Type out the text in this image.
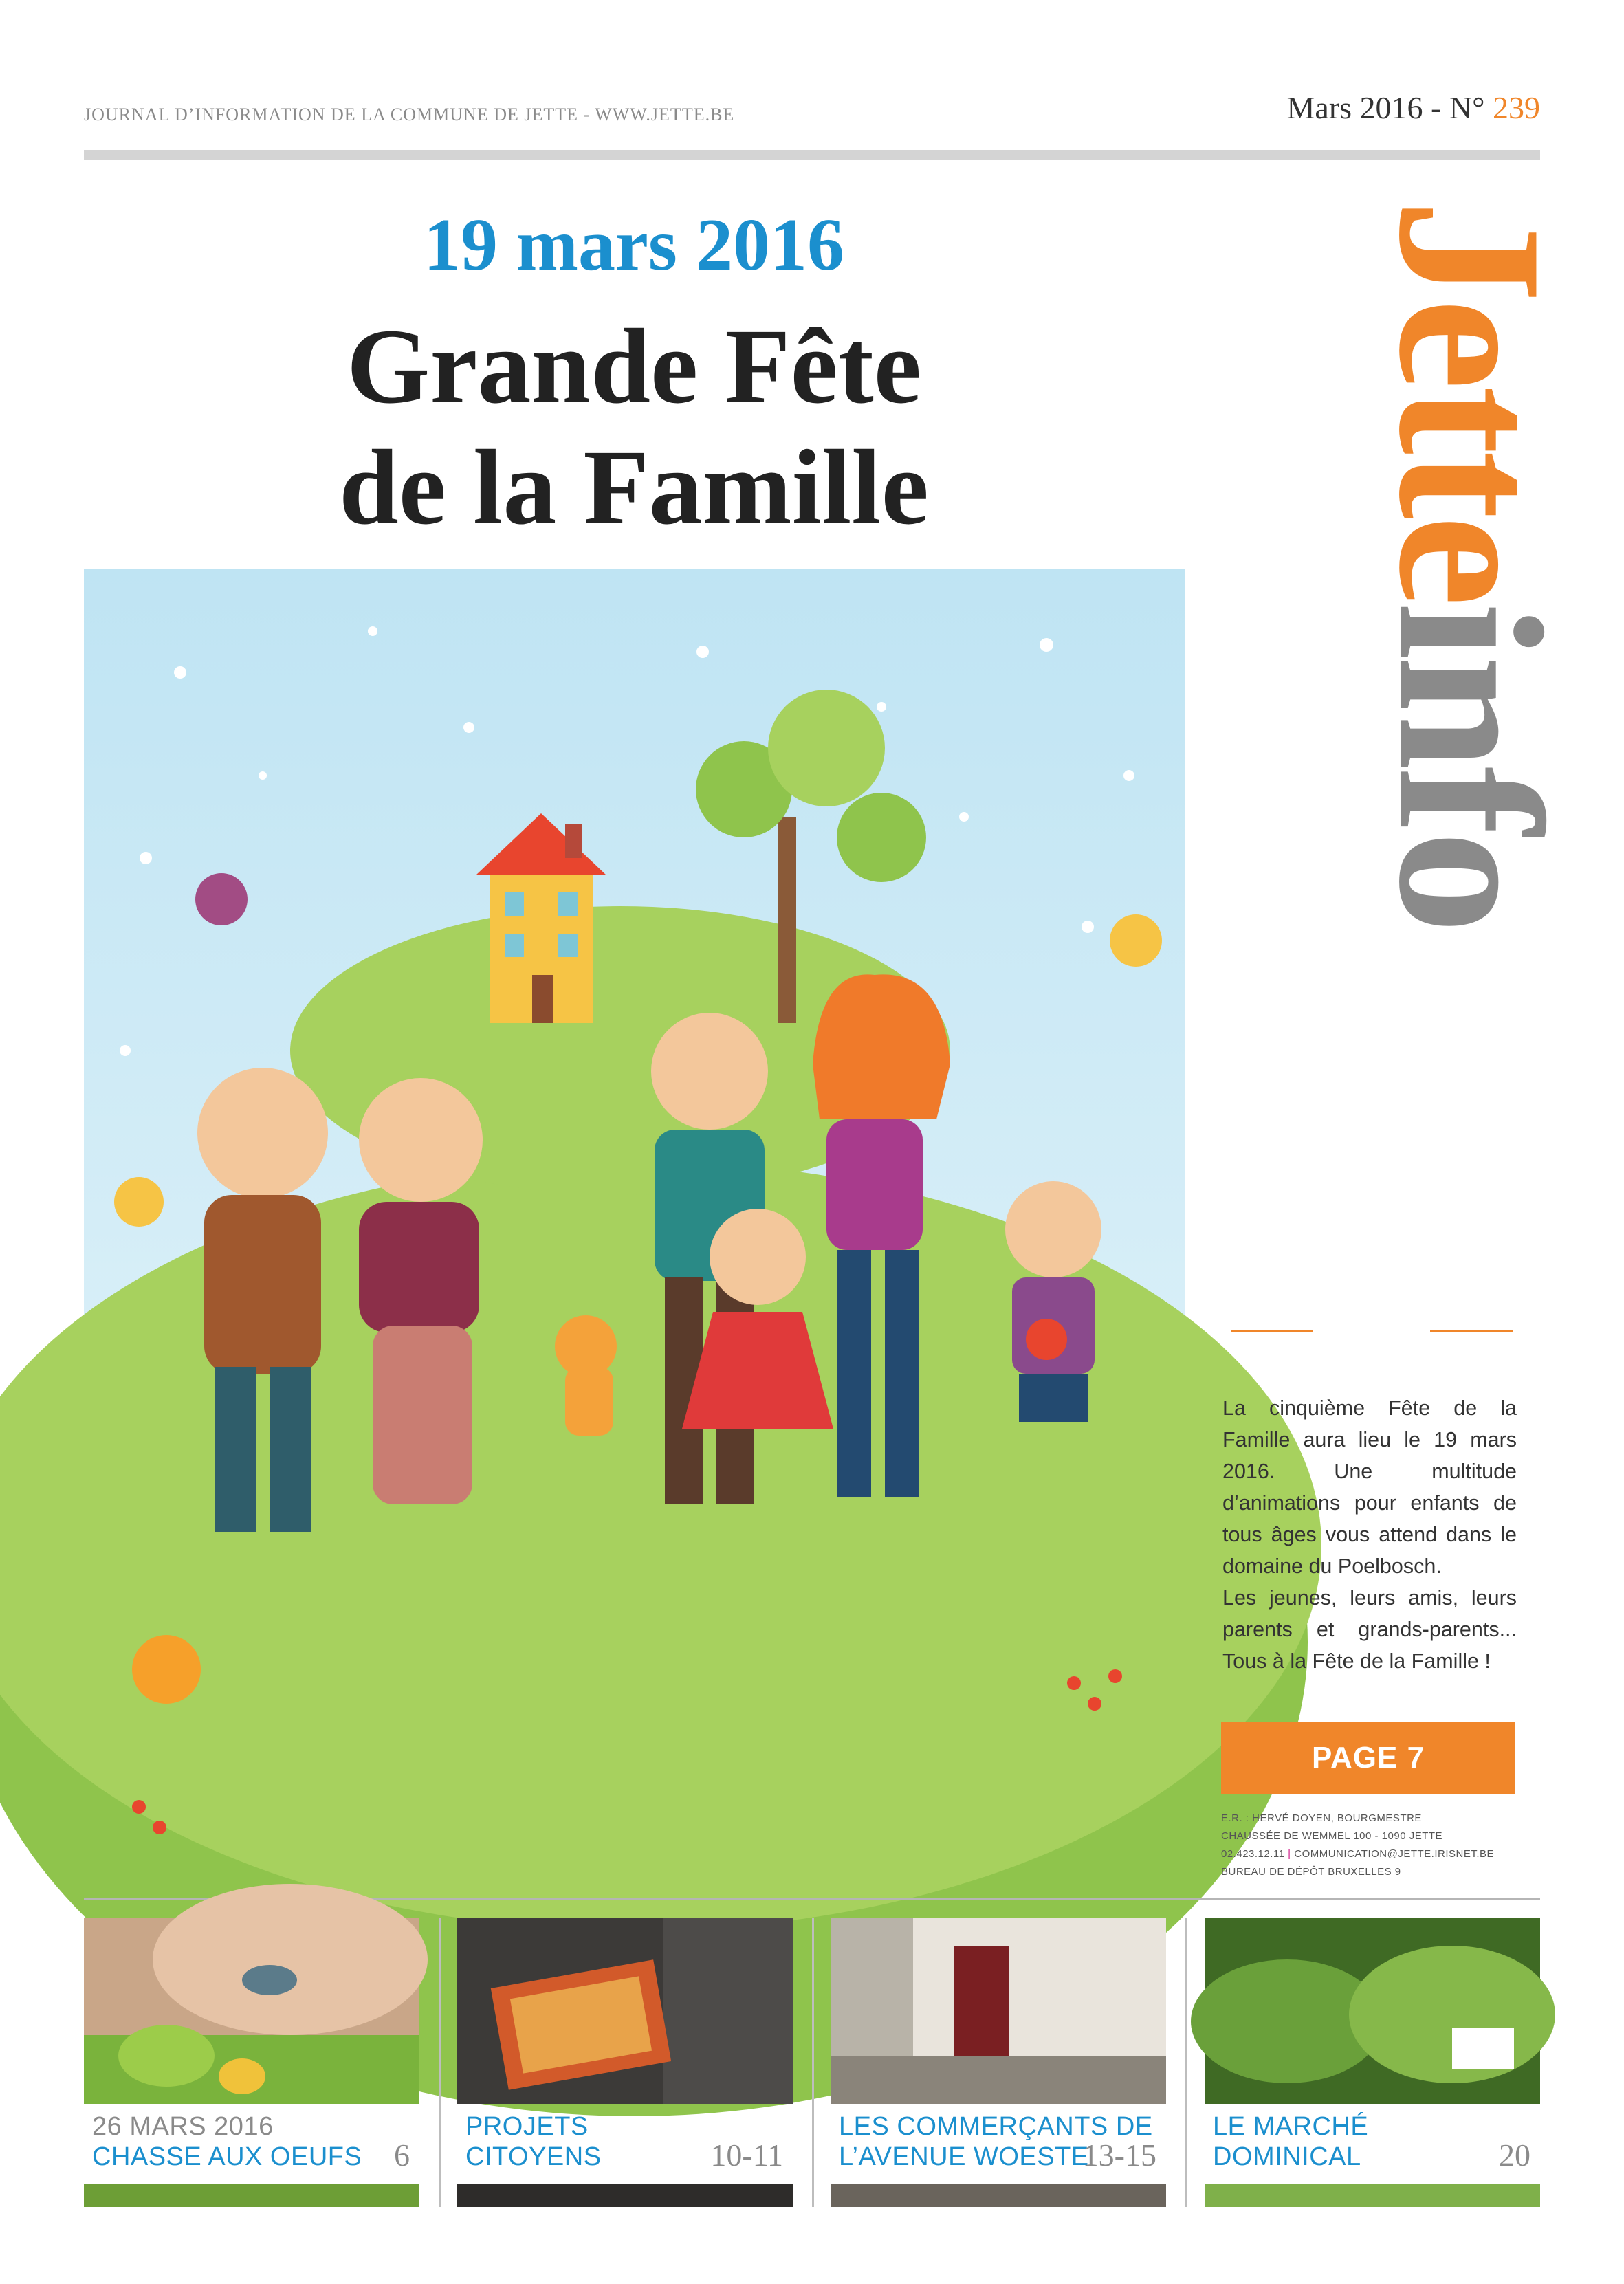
JOURNAL D’INFORMATION DE LA COMMUNE DE JETTE - WWW.JETTE.BE	Mars 2016 - N° 239
19 mars 2016
Grande Fête
de la Famille	Jetteinfo

La cinquième Fête de la Famille aura lieu le 19 mars 2016. Une multitude d’animations pour enfants de tous âges vous attend dans le domaine du Poelbosch.

Les jeunes, leurs amis, leurs parents et grands-parents... Tous à la Fête de la Famille !

PAGE 7
E.R. : HERVÉ DOYEN, BOURGMESTRE
CHAUSSÉE DE WEMMEL 100 - 1090 JETTE
02.423.12.11 | COMMUNICATION@JETTE.IRISNET.BE
BUREAU DE DÉPÔT BRUXELLES 9
26 MARS 2016
CHASSE AUX OEUFS 6
PROJETS
CITOYENS	10-11
LES COMMERÇANTS DE
L’AVENUE WOESTE
13-15
LE MARCHÉ
DOMINICAL	20
